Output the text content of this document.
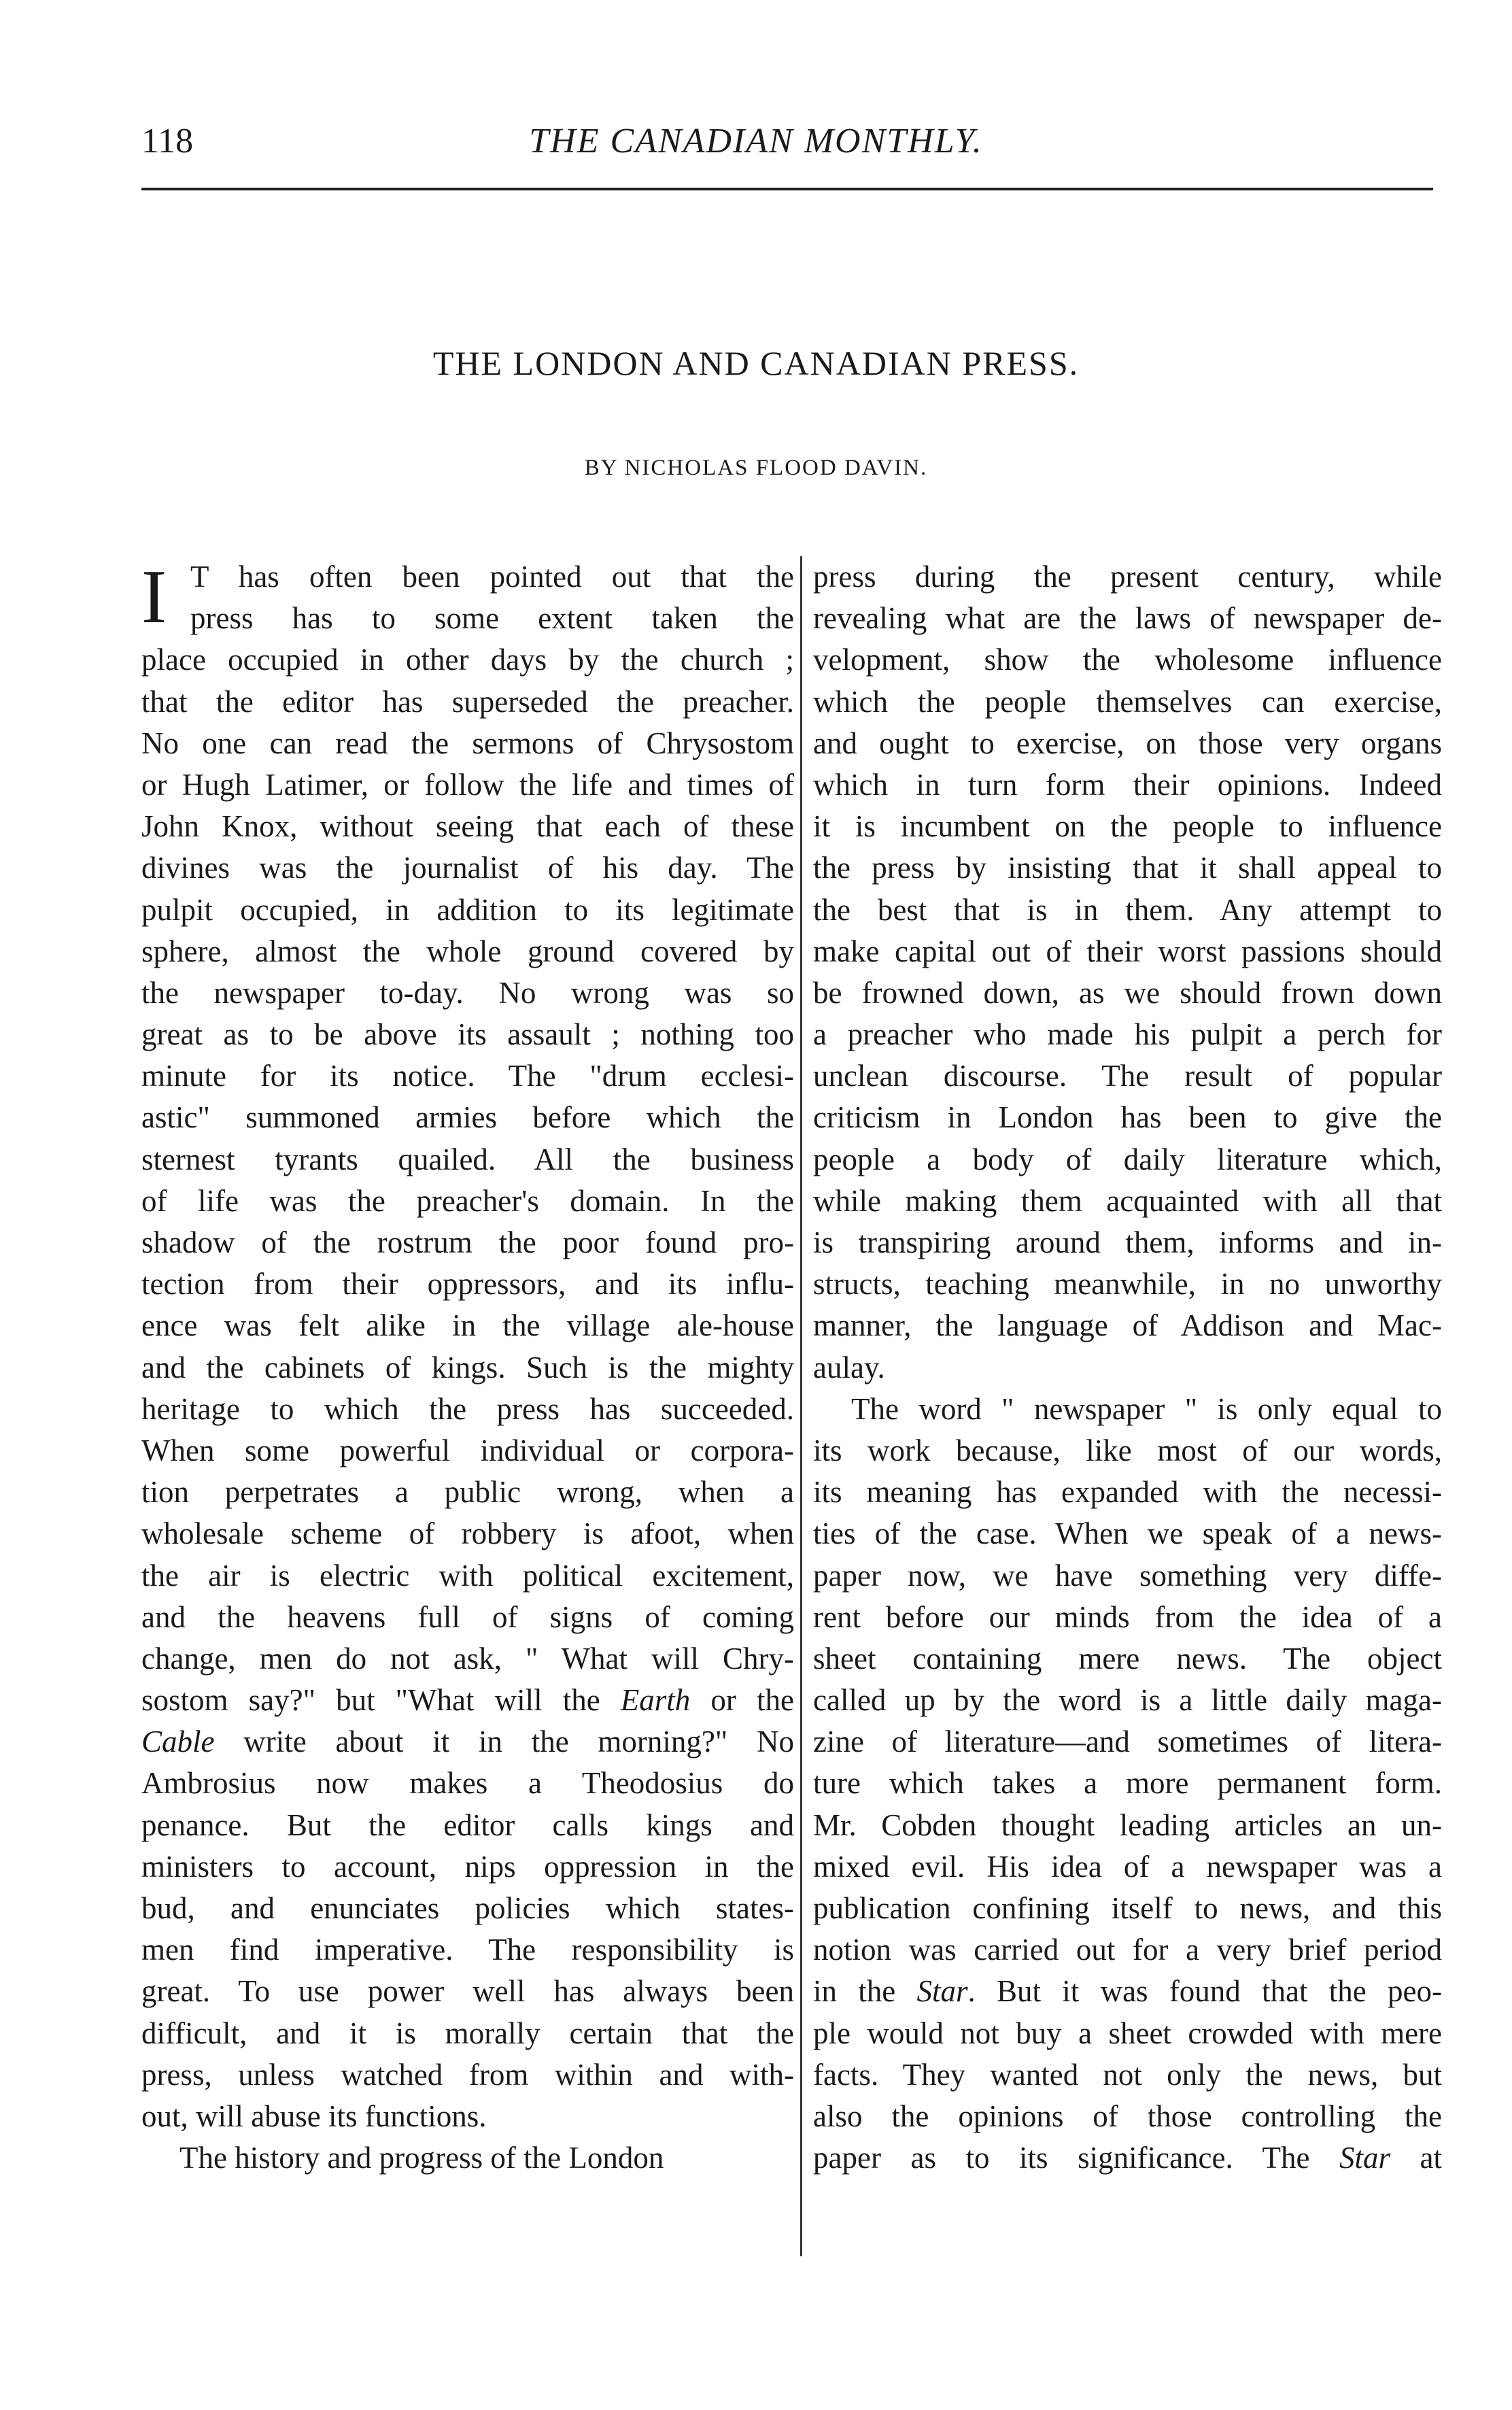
118	THE CANADIAN MONTHLY.
THE LONDON AND CANADIAN PRESS.
BY NICHOLAS FLOOD DAVIN.
I T has often been pointed out that the
press has to some extent taken the
place occupied in other days by the church ;
that the editor has superseded the preacher.
No one can read the sermons of Chrysostom
or Hugh Latimer, or follow the life and times of
John Knox, without seeing that each of these
divines was the journalist of his day. The
pulpit occupied, in addition to its legitimate
sphere, almost the whole ground covered by
the newspaper to-day. No wrong was so
great as to be above its assault ; nothing too
minute for its notice. The "drum ecclesi-
astic" summoned armies before which the
sternest tyrants quailed. All the business
of life was the preacher's domain. In the
shadow of the rostrum the poor found pro-
tection from their oppressors, and its influ-
ence was felt alike in the village ale-house
and the cabinets of kings. Such is the mighty
heritage to which the press has succeeded.
When some powerful individual or corpora-
tion perpetrates a public wrong, when a
wholesale scheme of robbery is afoot, when
the air is electric with political excitement,
and the heavens full of signs of coming
change, men do not ask, " What will Chry-
sostom say?" but "What will the Earth or the
Cable write about it in the morning?" No
Ambrosius now makes a Theodosius do
penance. But the editor calls kings and
ministers to account, nips oppression in the
bud, and enunciates policies which states-
men find imperative. The responsibility is
great. To use power well has always been
difficult, and it is morally certain that the
press, unless watched from within and with-
out, will abuse its functions.
The history and progress of the London
press during the present century, while
revealing what are the laws of newspaper de-
velopment, show the wholesome influence
which the people themselves can exercise,
and ought to exercise, on those very organs
which in turn form their opinions. Indeed
it is incumbent on the people to influence
the press by insisting that it shall appeal to
the best that is in them. Any attempt to
make capital out of their worst passions should
be frowned down, as we should frown down
a preacher who made his pulpit a perch for
unclean discourse. The result of popular
criticism in London has been to give the
people a body of daily literature which,
while making them acquainted with all that
is transpiring around them, informs and in-
structs, teaching meanwhile, in no unworthy
manner, the language of Addison and Mac-
aulay.
The word " newspaper " is only equal to
its work because, like most of our words,
its meaning has expanded with the necessi-
ties of the case. When we speak of a news-
paper now, we have something very diffe-
rent before our minds from the idea of a
sheet containing mere news. The object
called up by the word is a little daily maga-
zine of literature—and sometimes of litera-
ture which takes a more permanent form.
Mr. Cobden thought leading articles an un-
mixed evil. His idea of a newspaper was a
publication confining itself to news, and this
notion was carried out for a very brief period
in the Star. But it was found that the peo-
ple would not buy a sheet crowded with mere
facts. They wanted not only the news, but
also the opinions of those controlling the
paper as to its significance. The Star at
